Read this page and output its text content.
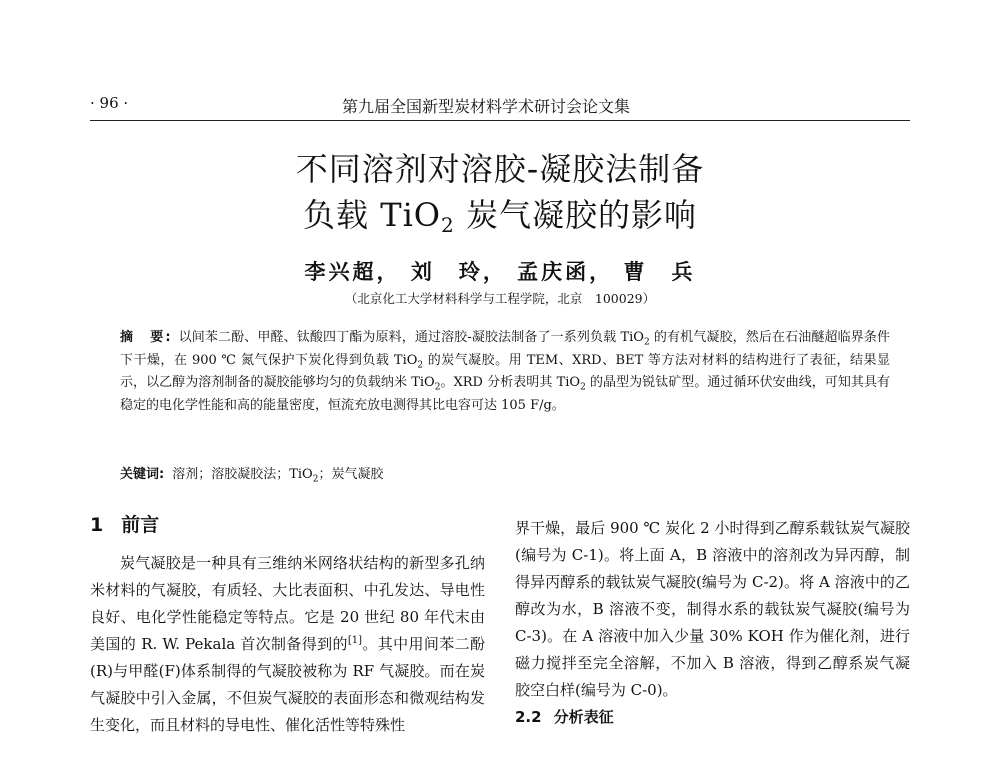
· 96 ·	第九届全国新型炭材料学术研讨会论文集
不同溶剂对溶胶-凝胶法制备
负载 TiO$_2$ 炭气凝胶的影响
李兴超， 刘　玲， 孟庆函， 曹　兵
（北京化工大学材料科学与工程学院，北京　100029）
摘　要: 以间苯二酚、甲醛、钛酸四丁酯为原料，通过溶胶-凝胶法制备了一系列负载 TiO$_2$ 的有机气凝胶，然后在石油醚超临界条件下干燥，在 900 ℃ 氮气保护下炭化得到负载 TiO$_2$ 的炭气凝胶。用 TEM、XRD、BET 等方法对材料的结构进行了表征，结果显示，以乙醇为溶剂制备的凝胶能够均匀的负载纳米 TiO$_2$。XRD 分析表明其 TiO$_2$ 的晶型为锐钛矿型。通过循环伏安曲线，可知其具有稳定的电化学性能和高的能量密度，恒流充放电测得其比电容可达 105 F/g。
关键词: 溶剂；溶胶凝胶法；TiO$_2$；炭气凝胶
1 前言

炭气凝胶是一种具有三维纳米网络状结构的新型多孔纳米材料的气凝胶，有质轻、大比表面积、中孔发达、导电性良好、电化学性能稳定等特点。它是 20 世纪 80 年代末由美国的 R. W. Pekala 首次制备得到的[1]。其中用间苯二酚(R)与甲醛(F)体系制得的气凝胶被称为 RF 气凝胶。而在炭气凝胶中引入金属，不但炭气凝胶的表面形态和微观结构发生变化，而且材料的导电性、催化活性等特殊性

界干燥，最后 900 ℃ 炭化 2 小时得到乙醇系载钛炭气凝胶(编号为 C-1)。将上面 A，B 溶液中的溶剂改为异丙醇，制得异丙醇系的载钛炭气凝胶(编号为 C-2)。将 A 溶液中的乙醇改为水，B 溶液不变，制得水系的载钛炭气凝胶(编号为 C-3)。在 A 溶液中加入少量 30% KOH 作为催化剂，进行磁力搅拌至完全溶解，不加入 B 溶液，得到乙醇系炭气凝胶空白样(编号为 C-0)。

2.2 分析表征
